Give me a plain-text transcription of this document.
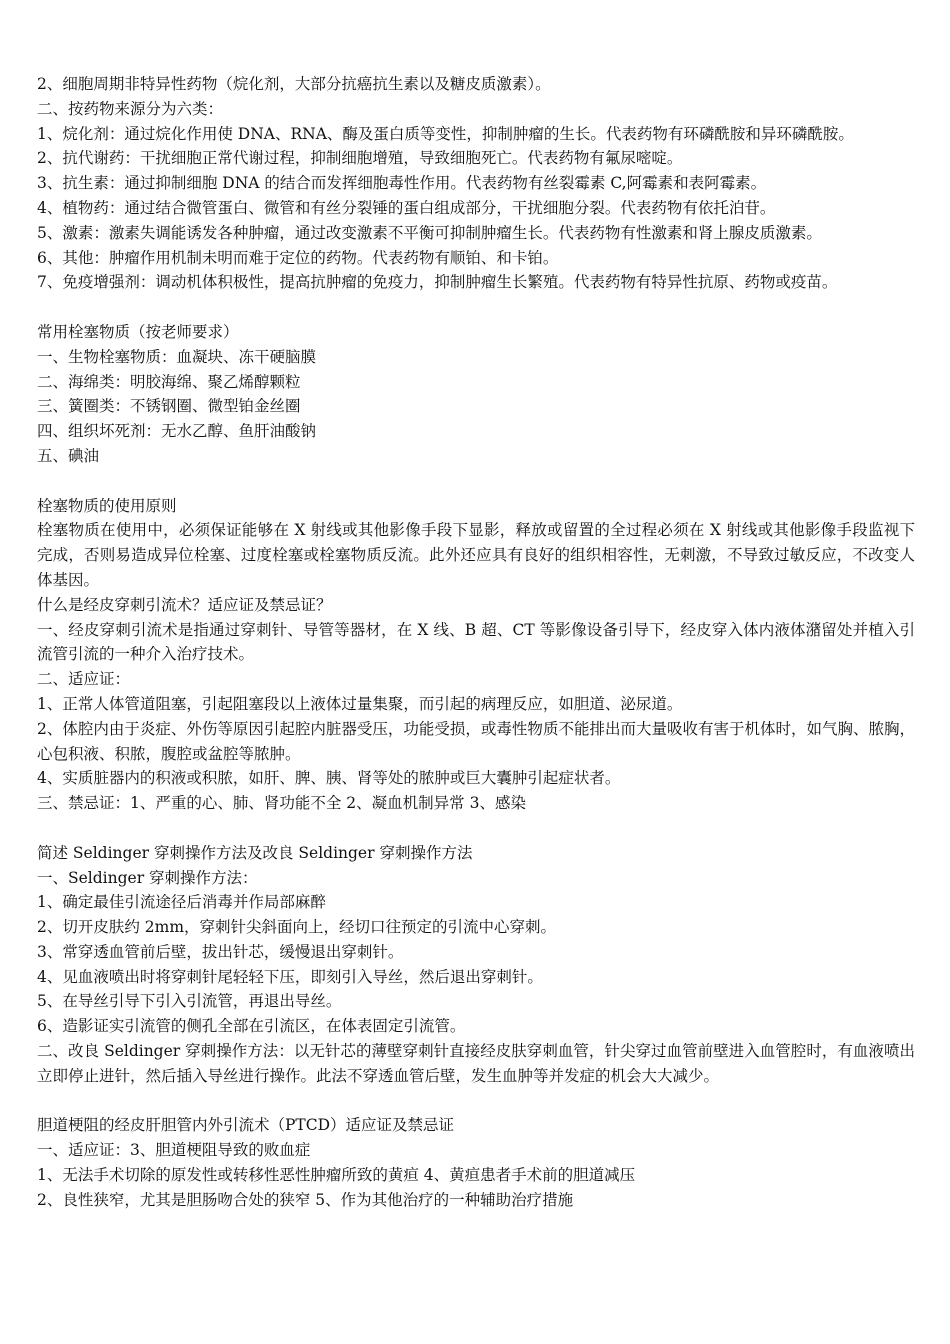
2、细胞周期非特异性药物（烷化剂，大部分抗癌抗生素以及糖皮质激素）。
二、按药物来源分为六类：
1、烷化剂：通过烷化作用使 DNA、RNA、酶及蛋白质等变性，抑制肿瘤的生长。代表药物有环磷酰胺和异环磷酰胺。
2、抗代谢药：干扰细胞正常代谢过程，抑制细胞增殖，导致细胞死亡。代表药物有氟尿嘧啶。
3、抗生素：通过抑制细胞 DNA 的结合而发挥细胞毒性作用。代表药物有丝裂霉素 C,阿霉素和表阿霉素。
4、植物药：通过结合微管蛋白、微管和有丝分裂锤的蛋白组成部分，干扰细胞分裂。代表药物有依托泊苷。
5、激素：激素失调能诱发各种肿瘤，通过改变激素不平衡可抑制肿瘤生长。代表药物有性激素和肾上腺皮质激素。
6、其他：肿瘤作用机制未明而难于定位的药物。代表药物有顺铂、和卡铂。
7、免疫增强剂：调动机体积极性，提高抗肿瘤的免疫力，抑制肿瘤生长繁殖。代表药物有特异性抗原、药物或疫苗。
常用栓塞物质（按老师要求）
一、生物栓塞物质：血凝块、冻干硬脑膜
二、海绵类：明胶海绵、聚乙烯醇颗粒
三、簧圈类：不锈钢圈、微型铂金丝圈
四、组织坏死剂：无水乙醇、鱼肝油酸钠
五、碘油
栓塞物质的使用原则
栓塞物质在使用中，必须保证能够在 X 射线或其他影像手段下显影，释放或留置的全过程必须在 X 射线或其他影像手段监视下完成，否则易造成异位栓塞、过度栓塞或栓塞物质反流。此外还应具有良好的组织相容性，无刺激，不导致过敏反应，不改变人体基因。
什么是经皮穿刺引流术？适应证及禁忌证？
一、经皮穿刺引流术是指通过穿刺针、导管等器材，在 X 线、B 超、CT 等影像设备引导下，经皮穿入体内液体潴留处并植入引流管引流的一种介入治疗技术。
二、适应证：
1、正常人体管道阻塞，引起阻塞段以上液体过量集聚，而引起的病理反应，如胆道、泌尿道。
2、体腔内由于炎症、外伤等原因引起腔内脏器受压，功能受损，或毒性物质不能排出而大量吸收有害于机体时，如气胸、脓胸，心包积液、积脓，腹腔或盆腔等脓肿。
4、实质脏器内的积液或积脓，如肝、脾、胰、肾等处的脓肿或巨大囊肿引起症状者。
三、禁忌证：1、严重的心、肺、肾功能不全 2、凝血机制异常 3、感染
简述 Seldinger 穿刺操作方法及改良 Seldinger 穿刺操作方法
一、Seldinger 穿刺操作方法：
1、确定最佳引流途径后消毒并作局部麻醉
2、切开皮肤约 2mm，穿刺针尖斜面向上，经切口往预定的引流中心穿刺。
3、常穿透血管前后壁，拔出针芯，缓慢退出穿刺针。
4、见血液喷出时将穿刺针尾轻轻下压，即刻引入导丝，然后退出穿刺针。
5、在导丝引导下引入引流管，再退出导丝。
6、造影证实引流管的侧孔全部在引流区，在体表固定引流管。
二、改良 Seldinger 穿刺操作方法：以无针芯的薄壁穿刺针直接经皮肤穿刺血管，针尖穿过血管前壁进入血管腔时，有血液喷出立即停止进针，然后插入导丝进行操作。此法不穿透血管后壁，发生血肿等并发症的机会大大减少。
胆道梗阻的经皮肝胆管内外引流术（PTCD）适应证及禁忌证
一、适应证：3、胆道梗阻导致的败血症
1、无法手术切除的原发性或转移性恶性肿瘤所致的黄疸 4、黄疸患者手术前的胆道减压
2、良性狭窄，尤其是胆肠吻合处的狭窄 5、作为其他治疗的一种辅助治疗措施
